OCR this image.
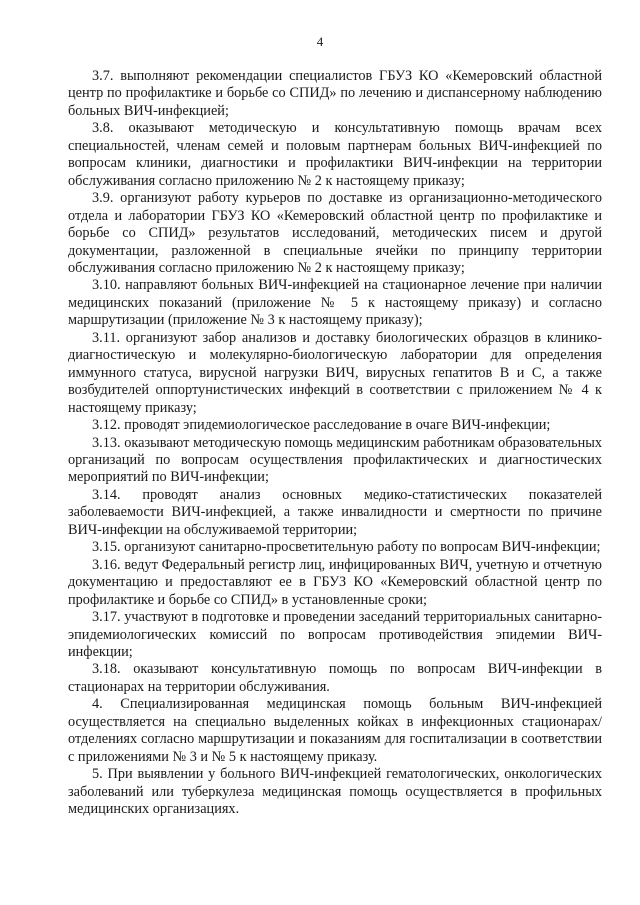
4

3.7. выполняют рекомендации специалистов ГБУЗ КО «Кемеровский областной центр по профилактике и борьбе со СПИД» по лечению и диспансерному наблюдению больных ВИЧ-инфекцией;

3.8. оказывают методическую и консультативную помощь врачам всех специальностей, членам семей и половым партнерам больных ВИЧ-инфекцией по вопросам клиники, диагностики и профилактики ВИЧ-инфекции на территории обслуживания согласно приложению № 2 к настоящему приказу;

3.9. организуют работу курьеров по доставке из организационно-методического отдела и лаборатории ГБУЗ КО «Кемеровский областной центр по профилактике и борьбе со СПИД» результатов исследований, методических писем и другой документации, разложенной в специальные ячейки по принципу территории обслуживания согласно приложению № 2 к настоящему приказу;

3.10. направляют больных ВИЧ-инфекцией на стационарное лечение при наличии медицинских показаний (приложение № 5 к настоящему приказу) и согласно маршрутизации (приложение № 3 к настоящему приказу);

3.11. организуют забор анализов и доставку биологических образцов в клинико-диагностическую и молекулярно-биологическую лаборатории для определения иммунного статуса, вирусной нагрузки ВИЧ, вирусных гепатитов В и С, а также возбудителей оппортунистических инфекций в соответствии с приложением № 4 к настоящему приказу;

3.12. проводят эпидемиологическое расследование в очаге ВИЧ-инфекции;

3.13. оказывают методическую помощь медицинским работникам образовательных организаций по вопросам осуществления профилактических и диагностических мероприятий по ВИЧ-инфекции;

3.14. проводят анализ основных медико-статистических показателей заболеваемости ВИЧ-инфекцией, а также инвалидности и смертности по причине ВИЧ-инфекции на обслуживаемой территории;

3.15. организуют санитарно-просветительную работу по вопросам ВИЧ-инфекции;

3.16. ведут Федеральный регистр лиц, инфицированных ВИЧ, учетную и отчетную документацию и предоставляют ее в ГБУЗ КО «Кемеровский областной центр по профилактике и борьбе со СПИД» в установленные сроки;

3.17. участвуют в подготовке и проведении заседаний территориальных санитарно-эпидемиологических комиссий по вопросам противодействия эпидемии ВИЧ-инфекции;

3.18. оказывают консультативную помощь по вопросам ВИЧ-инфекции в стационарах на территории обслуживания.

4. Специализированная медицинская помощь больным ВИЧ-инфекцией осуществляется на специально выделенных койках в инфекционных стационарах/отделениях согласно маршрутизации и показаниям для госпитализации в соответствии с приложениями № 3 и № 5 к настоящему приказу.

5. При выявлении у больного ВИЧ-инфекцией гематологических, онкологических заболеваний или туберкулеза медицинская помощь осуществляется в профильных медицинских организациях.
